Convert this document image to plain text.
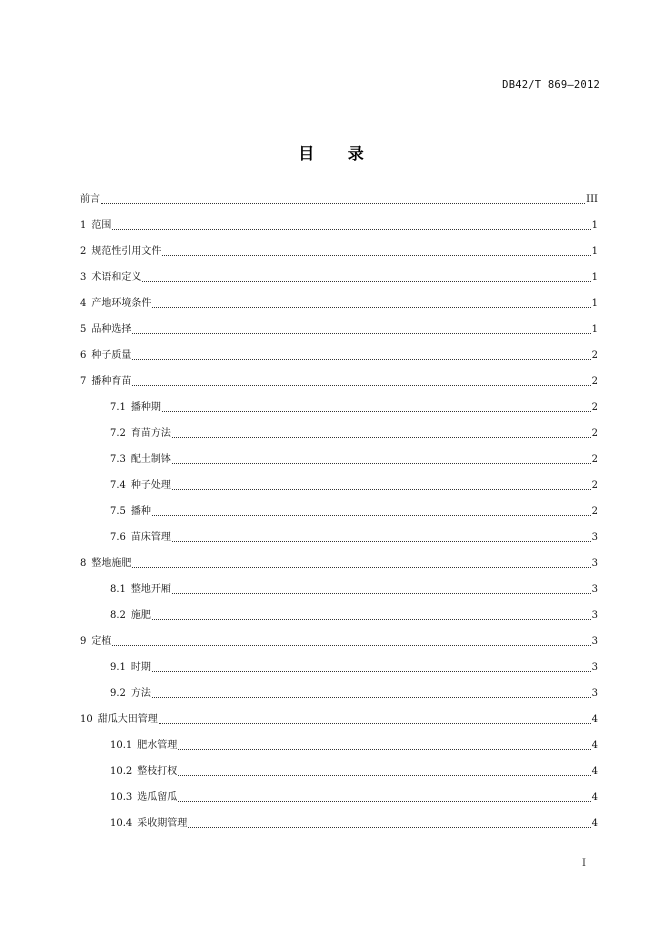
DB42/T 869—2012
目 录
前言	III
1 范围	1
2 规范性引用文件	1
3 术语和定义	1
4 产地环境条件	1
5 品种选择	1
6 种子质量	2
7 播种育苗	2
7.1 播种期	2
7.2 育苗方法	2
7.3 配土制钵	2
7.4 种子处理	2
7.5 播种	2
7.6 苗床管理	3
8 整地施肥	3
8.1 整地开厢	3
8.2 施肥	3
9 定植	3
9.1 时期	3
9.2 方法	3
10 甜瓜大田管理	4
10.1 肥水管理	4
10.2 整枝打杈	4
10.3 选瓜留瓜	4
10.4 采收期管理	4
I
